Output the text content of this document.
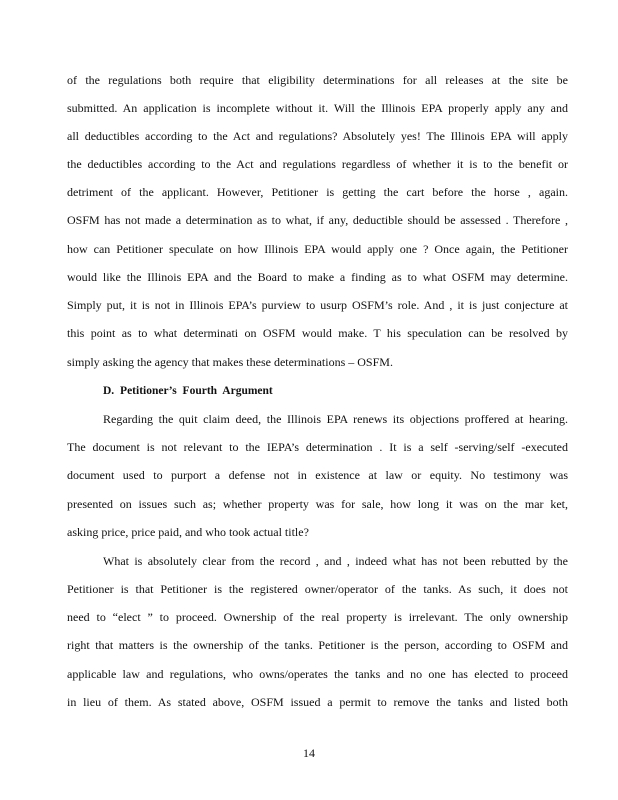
of the regulations both require that eligibility determinations for all releases at the site be
submitted. An application is incomplete without it. Will the Illinois EPA properly apply any and
all deductibles according to the Act and regulations? Absolutely yes! The Illinois EPA will apply
the deductibles according to the Act and regulations regardless of whether it is to the benefit or
detriment of the applicant. However, Petitioner is getting the cart before the horse , again.
OSFM has not made a determination as to what, if any, deductible should be assessed . Therefore ,
how can Petitioner speculate on how Illinois EPA would apply one ? Once again, the Petitioner
would like the Illinois EPA and the Board to make a finding as to what OSFM may determine.
Simply put, it is not in Illinois EPA’s purview to usurp OSFM’s role. And , it is just conjecture at
this point as to what determinati on OSFM would make. T his speculation can be resolved by
simply asking the agency that makes these determinations – OSFM.
D. Petitioner’s Fourth Argument
Regarding the quit claim deed, the Illinois EPA renews its objections proffered at hearing.
The document is not relevant to the IEPA’s determination . It is a self -serving/self -executed
document used to purport a defense not in existence at law or equity. No testimony was
presented on issues such as; whether property was for sale, how long it was on the mar ket,
asking price, price paid, and who took actual title?
What is absolutely clear from the record , and , indeed what has not been rebutted by the
Petitioner is that Petitioner is the registered owner/operator of the tanks. As such, it does not
need to “elect ” to proceed. Ownership of the real property is irrelevant. The only ownership
right that matters is the ownership of the tanks. Petitioner is the person, according to OSFM and
applicable law and regulations, who owns/operates the tanks and no one has elected to proceed
in lieu of them. As stated above, OSFM issued a permit to remove the tanks and listed both
14
